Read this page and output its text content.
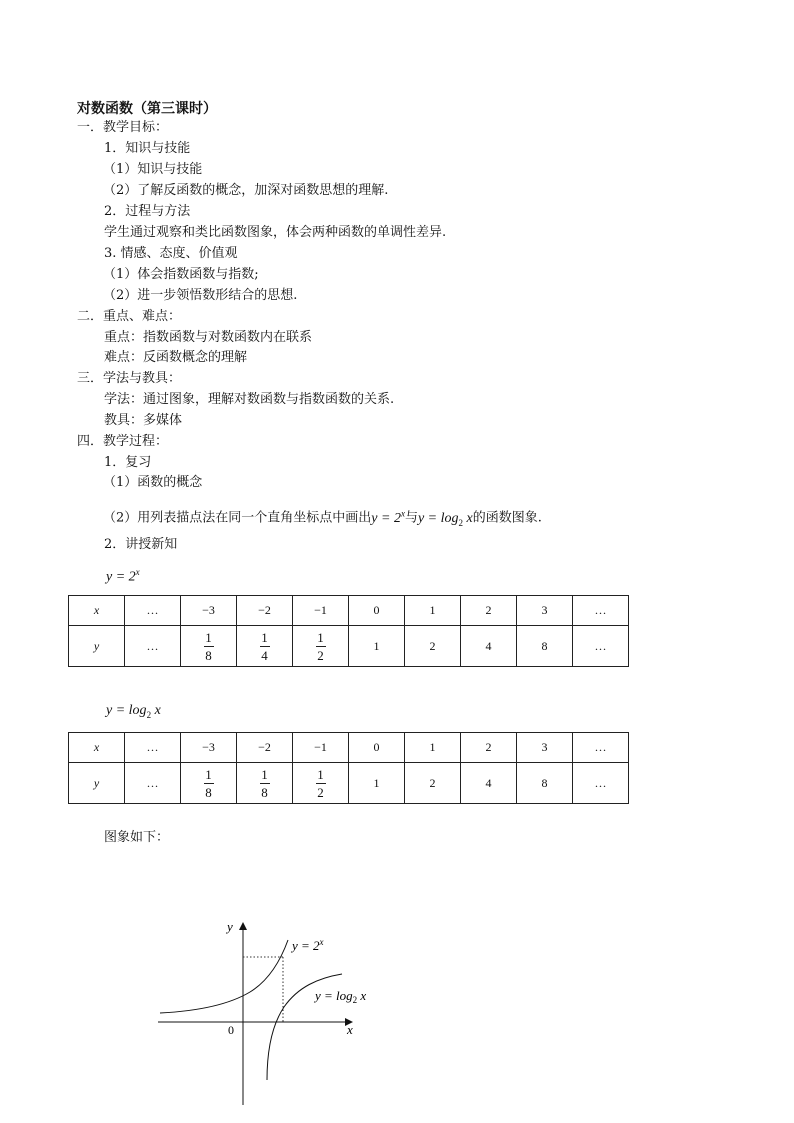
对数函数（第三课时）
一．教学目标：
1．知识与技能
（1）知识与技能
（2）了解反函数的概念，加深对函数思想的理解.
2．过程与方法
学生通过观察和类比函数图象，体会两种函数的单调性差异.
3. 情感、态度、价值观
（1）体会指数函数与指数;
（2）进一步领悟数形结合的思想.
二．重点、难点：
重点：指数函数与对数函数内在联系
难点：反函数概念的理解
三．学法与教具：
学法：通过图象，理解对数函数与指数函数的关系.
教具：多媒体
四．教学过程：
1．复习
（1）函数的概念
（2）用列表描点法在同一个直角坐标点中画出$y = 2^x$与$y = \log_2 x$的函数图象.
2．讲授新知
$y = 2^x$
x	…	−3	−2	−1	0	1	2	3	…
y	…	$\frac{1}{8}$	$\frac{1}{4}$	$\frac{1}{2}$	1	2	4	8	…
$y = \log_2 x$
x	…	−3	−2	−1	0	1	2	3	…
y	…	$\frac{1}{8}$	$\frac{1}{8}$	$\frac{1}{2}$	1	2	4	8	…
图象如下：
y
x
0
$y = 2^x$
$y = \log_2 x$
